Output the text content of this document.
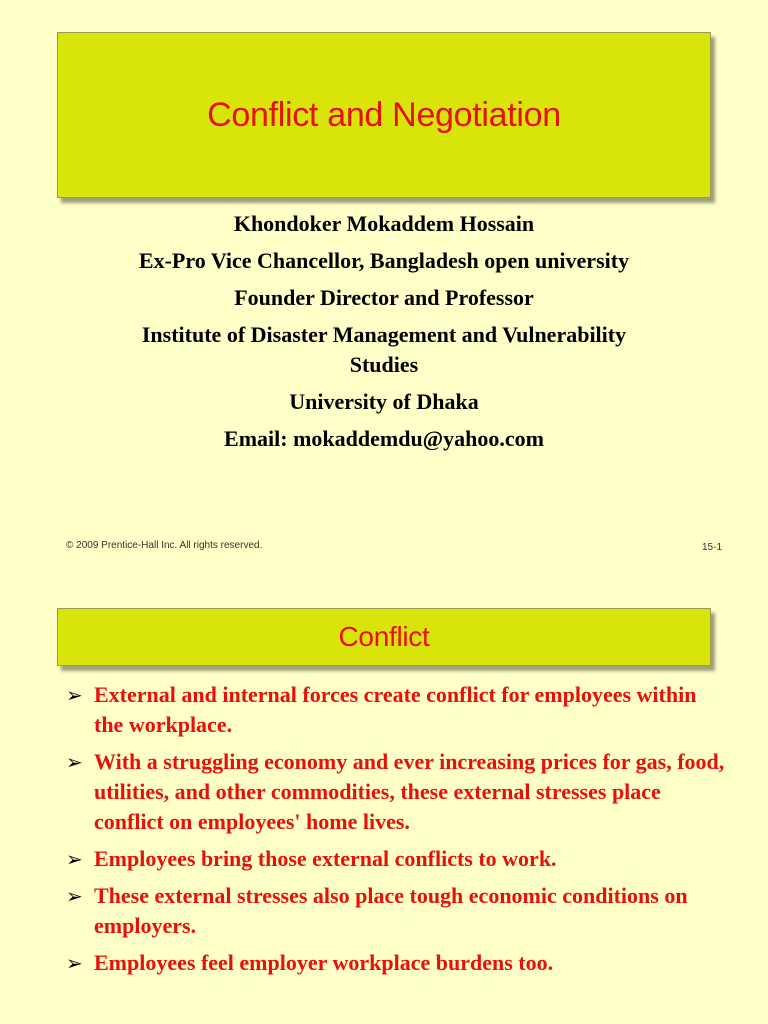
Conflict and Negotiation
Khondoker Mokaddem Hossain
Ex-Pro Vice Chancellor, Bangladesh open university
Founder Director and Professor
Institute of Disaster Management and Vulnerability
Studies
University of Dhaka
Email: mokaddemdu@yahoo.com
© 2009 Prentice-Hall Inc. All rights reserved.	15-1
Conflict
➢ External and internal forces create conflict for employees within the workplace.
➢ With a struggling economy and ever increasing prices for gas, food, utilities, and other commodities, these external stresses place conflict on employees' home lives.
➢ Employees bring those external conflicts to work.
➢ These external stresses also place tough economic conditions on employers.
➢ Employees feel employer workplace burdens too.
